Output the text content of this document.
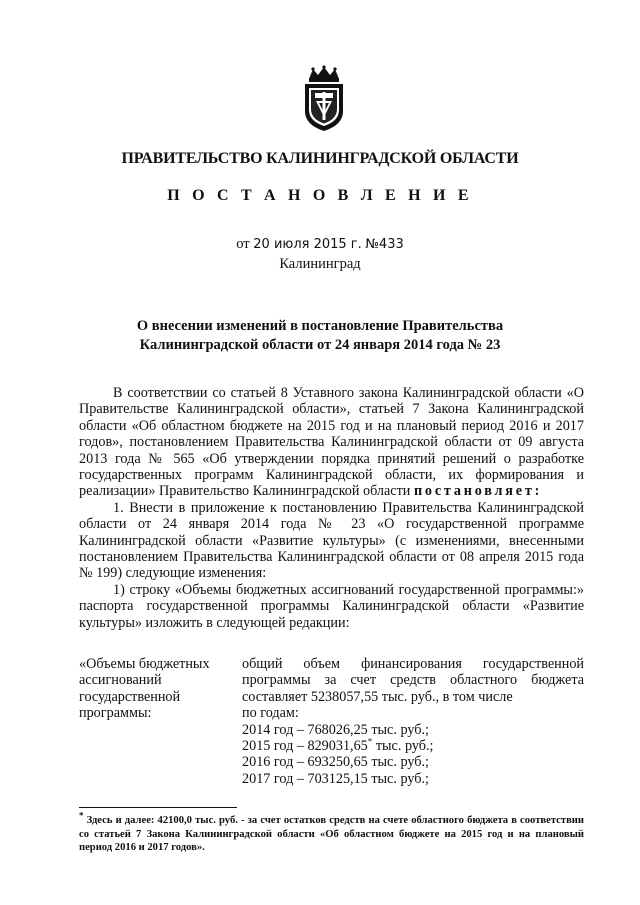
ПРАВИТЕЛЬСТВО КАЛИНИНГРАДСКОЙ ОБЛАСТИ
П О С Т А Н О В Л Е Н И Е
от 20 июля 2015 г. №433
Калининград
О внесении изменений в постановление Правительства
Калининградской области от 24 января 2014 года № 23

В соответствии со статьей 8 Уставного закона Калининградской области «О Правительстве Калининградской области», статьей 7 Закона Калининградской области «Об областном бюджете на 2015 год и на плановый период 2016 и 2017 годов», постановлением Правительства Калининградской области от 09 августа 2013 года № 565 «Об утверждении порядка принятий решений о разработке государственных программ Калининградской области, их формирования и реализации» Правительство Калининградской области постановляет:

1. Внести в приложение к постановлению Правительства Калининградской области от 24 января 2014 года № 23 «О государственной программе Калининградской области «Развитие культуры» (с изменениями, внесенными постановлением Правительства Калининградской области от 08 апреля 2015 года № 199) следующие изменения:

1) строку «Объемы бюджетных ассигнований государственной программы:» паспорта государственной программы Калининградской области «Развитие культуры» изложить в следующей редакции:

«Объемы бюджетных

ассигнований

государственной

программы:

общий объем финансирования государственной программы за счет средств областного бюджета составляет 5238057,55 тыс. руб., в том числе

по годам:

2014 год – 768026,25 тыс. руб.;

2015 год – 829031,65* тыс. руб.;

2016 год – 693250,65 тыс. руб.;

2017 год – 703125,15 тыс. руб.;

* Здесь и далее: 42100,0 тыс. руб. - за счет остатков средств на счете областного бюджета в соответствии со статьей 7 Закона Калининградской области «Об областном бюджете на 2015 год и на плановый период 2016 и 2017 годов».
